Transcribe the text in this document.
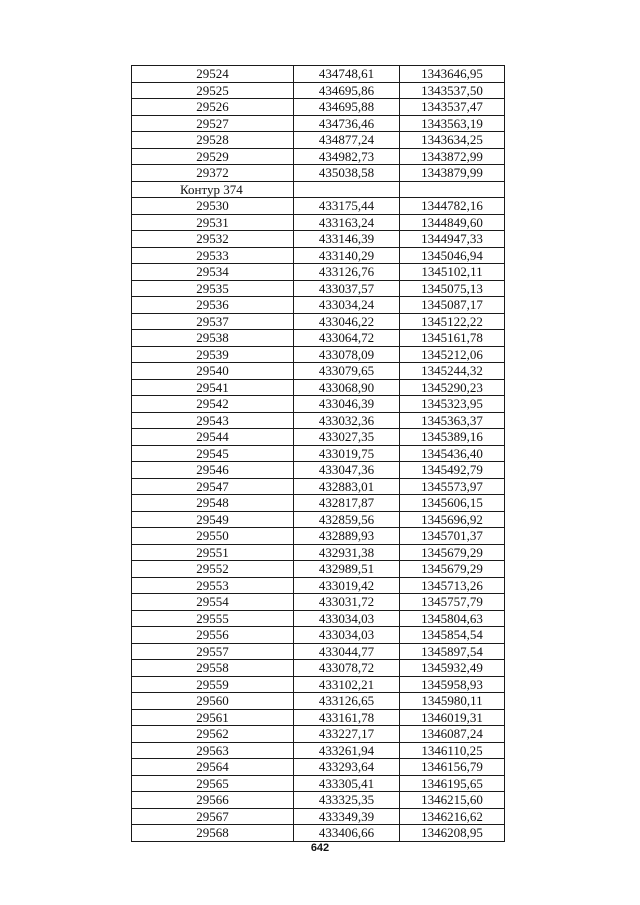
29524	434748,61	1343646,95
29525	434695,86	1343537,50
29526	434695,88	1343537,47
29527	434736,46	1343563,19
29528	434877,24	1343634,25
29529	434982,73	1343872,99
29372	435038,58	1343879,99
Контур 374		
29530	433175,44	1344782,16
29531	433163,24	1344849,60
29532	433146,39	1344947,33
29533	433140,29	1345046,94
29534	433126,76	1345102,11
29535	433037,57	1345075,13
29536	433034,24	1345087,17
29537	433046,22	1345122,22
29538	433064,72	1345161,78
29539	433078,09	1345212,06
29540	433079,65	1345244,32
29541	433068,90	1345290,23
29542	433046,39	1345323,95
29543	433032,36	1345363,37
29544	433027,35	1345389,16
29545	433019,75	1345436,40
29546	433047,36	1345492,79
29547	432883,01	1345573,97
29548	432817,87	1345606,15
29549	432859,56	1345696,92
29550	432889,93	1345701,37
29551	432931,38	1345679,29
29552	432989,51	1345679,29
29553	433019,42	1345713,26
29554	433031,72	1345757,79
29555	433034,03	1345804,63
29556	433034,03	1345854,54
29557	433044,77	1345897,54
29558	433078,72	1345932,49
29559	433102,21	1345958,93
29560	433126,65	1345980,11
29561	433161,78	1346019,31
29562	433227,17	1346087,24
29563	433261,94	1346110,25
29564	433293,64	1346156,79
29565	433305,41	1346195,65
29566	433325,35	1346215,60
29567	433349,39	1346216,62
29568	433406,66	1346208,95
642
